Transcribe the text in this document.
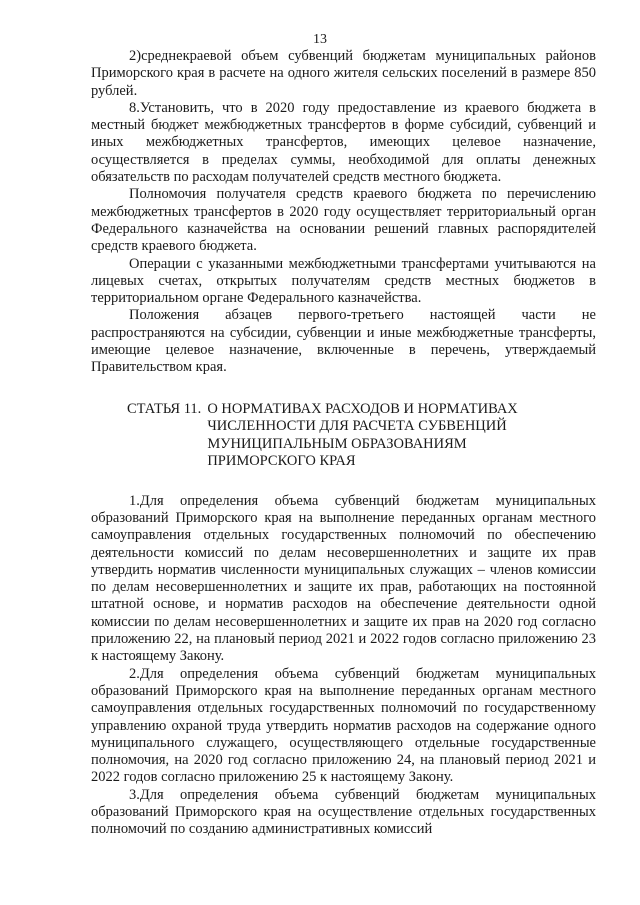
13

2)среднекраевой объем субвенций бюджетам муниципальных районов Приморского края в расчете на одного жителя сельских поселений в размере 850 рублей.

8.Установить, что в 2020 году предоставление из краевого бюджета в местный бюджет межбюджетных трансфертов в форме субсидий, субвенций и иных межбюджетных трансфертов, имеющих целевое назначение, осуществляется в пределах суммы, необходимой для оплаты денежных обязательств по расходам получателей средств местного бюджета.

Полномочия получателя средств краевого бюджета по перечислению межбюджетных трансфертов в 2020 году осуществляет территориальный орган Федерального казначейства на основании решений главных распорядителей средств краевого бюджета.

Операции с указанными межбюджетными трансфертами учитываются на лицевых счетах, открытых получателям средств местных бюджетов в территориальном органе Федерального казначейства.

Положения абзацев первого-третьего настоящей части не распространяются на субсидии, субвенции и иные межбюджетные трансферты, имеющие целевое назначение, включенные в перечень, утверждаемый Правительством края.

СТАТЬЯ 11. О НОРМАТИВАХ РАСХОДОВ И НОРМАТИВАХ ЧИСЛЕННОСТИ ДЛЯ РАСЧЕТА СУБВЕНЦИЙ МУНИЦИПАЛЬНЫМ ОБРАЗОВАНИЯМ ПРИМОРСКОГО КРАЯ

1.Для определения объема субвенций бюджетам муниципальных образований Приморского края на выполнение переданных органам местного самоуправления отдельных государственных полномочий по обеспечению деятельности комиссий по делам несовершеннолетних и защите их прав утвердить норматив численности муниципальных служащих – членов комиссии по делам несовершеннолетних и защите их прав, работающих на постоянной штатной основе, и норматив расходов на обеспечение деятельности одной комиссии по делам несовершеннолетних и защите их прав на 2020 год согласно приложению 22, на плановый период 2021 и 2022 годов согласно приложению 23 к настоящему Закону.

2.Для определения объема субвенций бюджетам муниципальных образований Приморского края на выполнение переданных органам местного самоуправления отдельных государственных полномочий по государственному управлению охраной труда утвердить норматив расходов на содержание одного муниципального служащего, осуществляющего отдельные государственные полномочия, на 2020 год согласно приложению 24, на плановый период 2021 и 2022 годов согласно приложению 25 к настоящему Закону.

3.Для определения объема субвенций бюджетам муниципальных образований Приморского края на осуществление отдельных государственных полномочий по созданию административных комиссий
